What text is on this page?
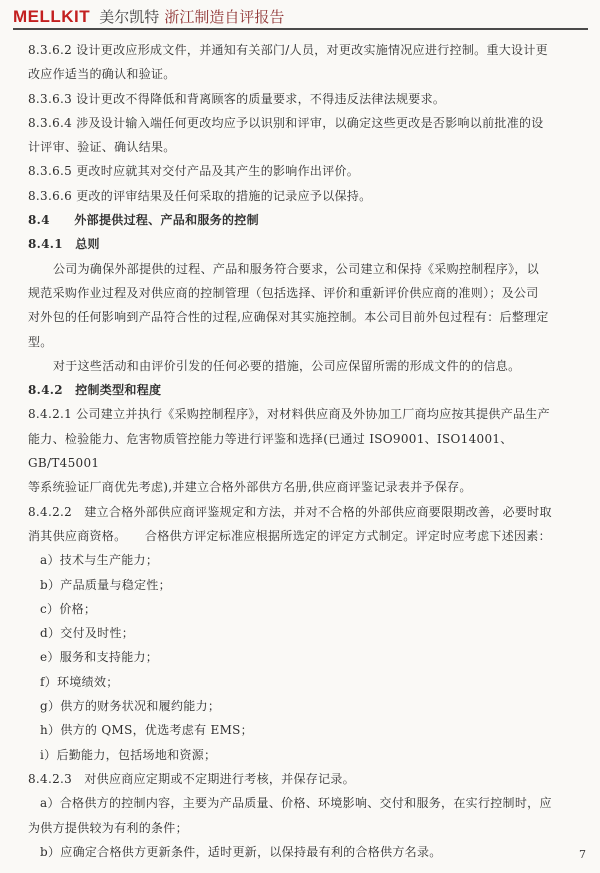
MELLKIT 美尔凯特 浙江制造自评报告
8.3.6.2 设计更改应形成文件，并通知有关部门/人员，对更改实施情况应进行控制。重大设计更
改应作适当的确认和验证。
8.3.6.3 设计更改不得降低和背离顾客的质量要求，不得违反法律法规要求。
8.3.6.4 涉及设计输入端任何更改均应予以识别和评审，以确定这些更改是否影响以前批准的设
计评审、验证、确认结果。
8.3.6.5 更改时应就其对交付产品及其产生的影响作出评价。
8.3.6.6 更改的评审结果及任何采取的措施的记录应予以保持。
8.4　　外部提供过程、产品和服务的控制
8.4.1　总则
公司为确保外部提供的过程、产品和服务符合要求，公司建立和保持《采购控制程序》，以
规范采购作业过程及对供应商的控制管理（包括选择、评价和重新评价供应商的准则）；及公司
对外包的任何影响到产品符合性的过程,应确保对其实施控制。本公司目前外包过程有：后整理定
型。
对于这些活动和由评价引发的任何必要的措施，公司应保留所需的形成文件的的信息。
8.4.2　控制类型和程度
8.4.2.1 公司建立并执行《采购控制程序》，对材料供应商及外协加工厂商均应按其提供产品生产
能力、检验能力、危害物质管控能力等进行评鉴和选择(已通过 ISO9001、ISO14001、GB/T45001
等系统验证厂商优先考虑),并建立合格外部供方名册,供应商评鉴记录表并予保存。
8.4.2.2　建立合格外部供应商评鉴规定和方法，并对不合格的外部供应商要限期改善，必要时取
消其供应商资格。　　合格供方评定标准应根据所选定的评定方式制定。评定时应考虑下述因素：
a）技术与生产能力；
b）产品质量与稳定性；
c）价格；
d）交付及时性；
e）服务和支持能力；
f）环境绩效；
g）供方的财务状况和履约能力；
h）供方的 QMS，优选考虑有 EMS；
i）后勤能力，包括场地和资源；
8.4.2.3　对供应商应定期或不定期进行考核，并保存记录。
a）合格供方的控制内容，主要为产品质量、价格、环境影响、交付和服务，在实行控制时，应
为供方提供较为有利的条件；
b）应确定合格供方更新条件，适时更新，以保持最有利的合格供方名录。	7
